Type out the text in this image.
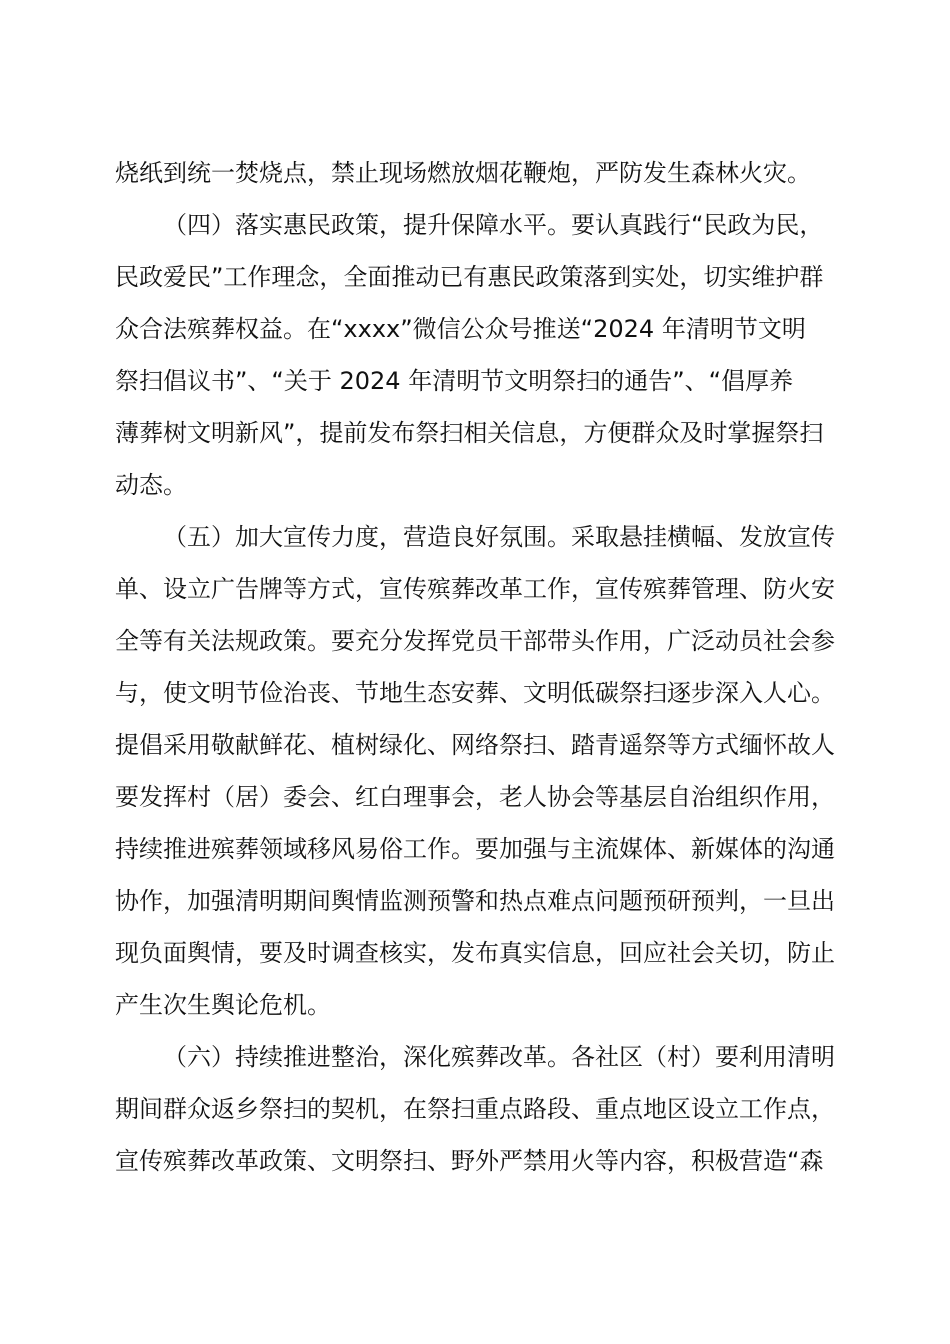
烧纸到统一焚烧点，禁止现场燃放烟花鞭炮，严防发生森林火灾。
（四）落实惠民政策，提升保障水平。要认真践行“民政为民，
民政爱民”工作理念，全面推动已有惠民政策落到实处，切实维护群
众合法殡葬权益。在“xxxx”微信公众号推送“2024 年清明节文明
祭扫倡议书”、“关于 2024 年清明节文明祭扫的通告”、“倡厚养
薄葬树文明新风”，提前发布祭扫相关信息，方便群众及时掌握祭扫
动态。
（五）加大宣传力度，营造良好氛围。采取悬挂横幅、发放宣传
单、设立广告牌等方式，宣传殡葬改革工作，宣传殡葬管理、防火安
全等有关法规政策。要充分发挥党员干部带头作用，广泛动员社会参
与，使文明节俭治丧、节地生态安葬、文明低碳祭扫逐步深入人心。
提倡采用敬献鲜花、植树绿化、网络祭扫、踏青遥祭等方式缅怀故人
要发挥村（居）委会、红白理事会，老人协会等基层自治组织作用，
持续推进殡葬领域移风易俗工作。要加强与主流媒体、新媒体的沟通
协作，加强清明期间舆情监测预警和热点难点问题预研预判，一旦出
现负面舆情，要及时调查核实，发布真实信息，回应社会关切，防止
产生次生舆论危机。
（六）持续推进整治，深化殡葬改革。各社区（村）要利用清明
期间群众返乡祭扫的契机，在祭扫重点路段、重点地区设立工作点，
宣传殡葬改革政策、文明祭扫、野外严禁用火等内容，积极营造“森
